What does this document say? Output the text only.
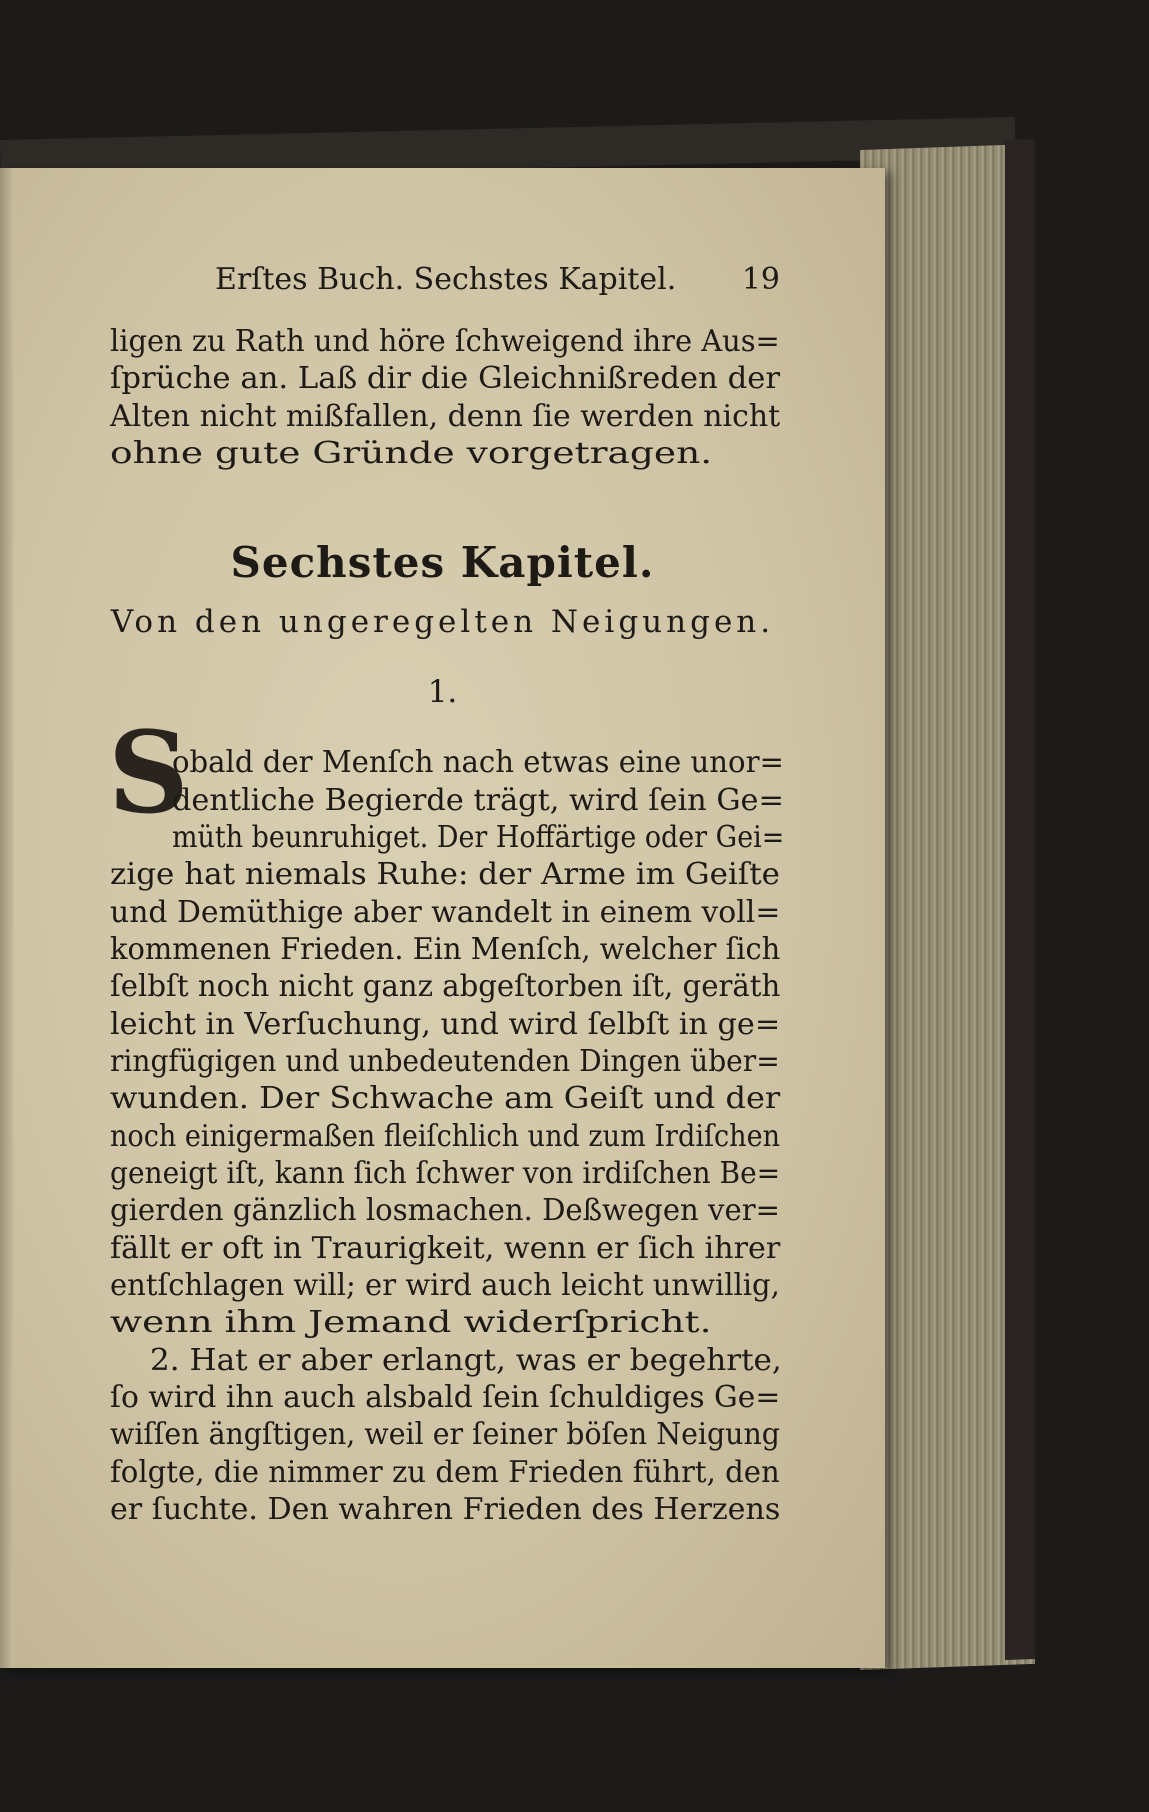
Erſtes Buch. Sechstes Kapitel. 19
ligen zu Rath und höre ſchweigend ihre Aus=
ſprüche an. Laß dir die Gleichnißreden der
Alten nicht mißfallen, denn ſie werden nicht
ohne gute Gründe vorgetragen.
Sechstes Kapitel.
Von den ungeregelten Neigungen.
1.
S
obald der Menſch nach etwas eine unor=
dentliche Begierde trägt, wird ſein Ge=
müth beunruhiget. Der Hoffärtige oder Gei=
zige hat niemals Ruhe: der Arme im Geiſte
und Demüthige aber wandelt in einem voll=
kommenen Frieden. Ein Menſch, welcher ſich
ſelbſt noch nicht ganz abgeſtorben iſt, geräth
leicht in Verſuchung, und wird ſelbſt in ge=
ringfügigen und unbedeutenden Dingen über=
wunden. Der Schwache am Geiſt und der
noch einigermaßen fleiſchlich und zum Irdiſchen
geneigt iſt, kann ſich ſchwer von irdiſchen Be=
gierden gänzlich losmachen. Deßwegen ver=
fällt er oft in Traurigkeit, wenn er ſich ihrer
entſchlagen will; er wird auch leicht unwillig,
wenn ihm Jemand widerſpricht.
2. Hat er aber erlangt, was er begehrte,
ſo wird ihn auch alsbald ſein ſchuldiges Ge=
wiſſen ängſtigen, weil er ſeiner böſen Neigung
folgte, die nimmer zu dem Frieden führt, den
er ſuchte. Den wahren Frieden des Herzens
